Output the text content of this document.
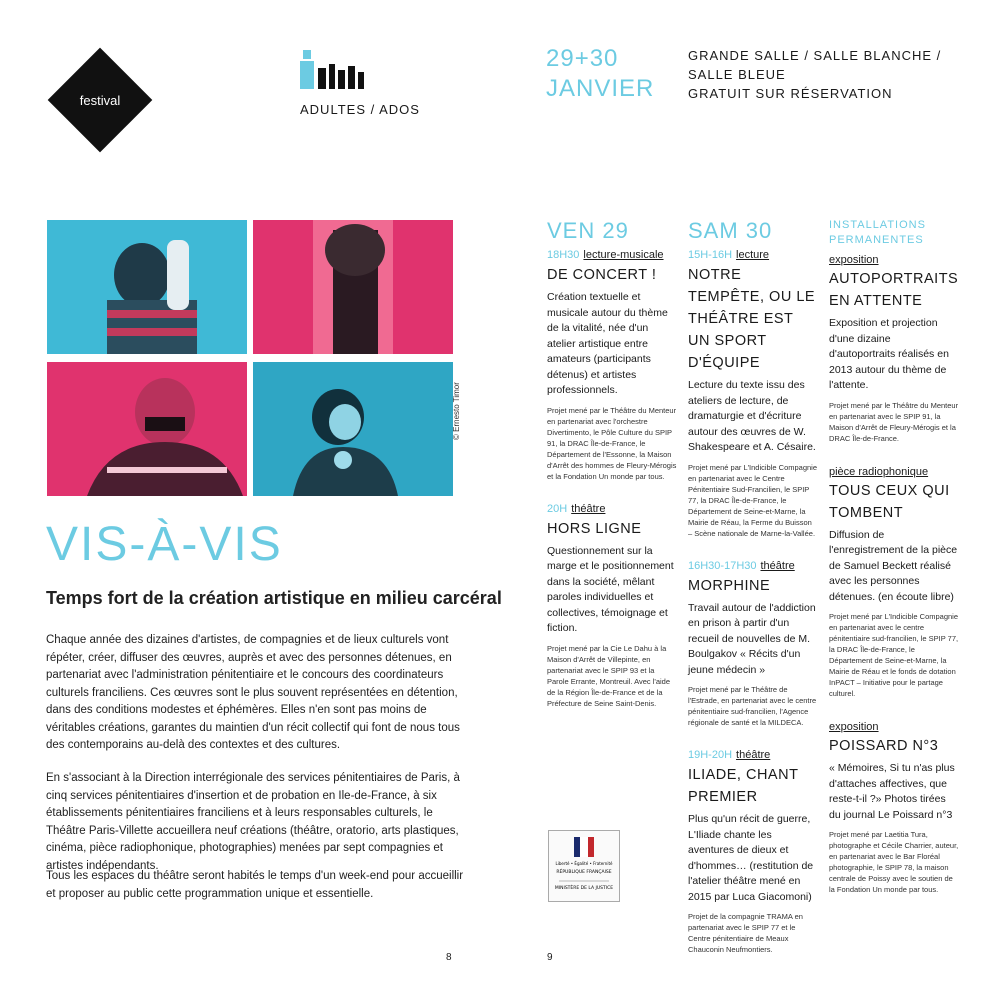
festival
ADULTES / ADOS
29+30
JANVIER
GRANDE SALLE / SALLE BLANCHE /
SALLE BLEUE
GRATUIT SUR RÉSERVATION
© Ernesto Timor
VIS-À-VIS
Temps fort de la création artistique en milieu carcéral

Chaque année des dizaines d'artistes, de compagnies et de lieux culturels vont répéter, créer, diffuser des œuvres, auprès et avec des personnes détenues, en partenariat avec l'administration pénitentiaire et le concours des coordinateurs culturels franciliens. Ces œuvres sont le plus souvent représentées en détention, dans des conditions modestes et éphémères. Elles n'en sont pas moins de véritables créations, garantes du maintien d'un récit collectif qui font de nous tous des contemporains au-delà des contextes et des cultures.

En s'associant à la Direction interrégionale des services pénitentiaires de Paris, à cinq services pénitentiaires d'insertion et de probation en Ile-de-France, à six établissements pénitentiaires franciliens et à leurs responsables culturels, le Théâtre Paris-Villette accueillera neuf créations (théâtre, oratorio, arts plastiques, cinéma, pièce radiophonique, photographies) menées par sept compagnies et artistes indépendants.

Tous les espaces du théâtre seront habités le temps d'un week-end pour accueillir et proposer au public cette programmation unique et essentielle.

VEN 29
18H30 lecture-musicale
DE CONCERT !
Création textuelle et musicale autour du thème de la vitalité, née d'un atelier artistique entre amateurs (participants détenus) et artistes professionnels.
Projet mené par le Théâtre du Menteur en partenariat avec l'orchestre Divertimento, le Pôle Culture du SPIP 91, la DRAC Île-de-France, le Département de l'Essonne, la Maison d'Arrêt des hommes de Fleury-Mérogis et la Fondation Un monde par tous.
20H théâtre
HORS LIGNE
Questionnement sur la marge et le positionnement dans la société, mêlant paroles individuelles et collectives, témoignage et fiction.
Projet mené par la Cie Le Dahu à la Maison d'Arrêt de Villepinte, en partenariat avec le SPIP 93 et la Parole Errante, Montreuil. Avec l'aide de la Région Île-de-France et de la Préfecture de Seine Saint-Denis.
Liberté • Égalité • Fraternité
RÉPUBLIQUE FRANÇAISE
MINISTÈRE DE LA JUSTICE
SAM 30
15H-16H lecture
NOTRE TEMPÊTE, OU LE THÉÂTRE EST UN SPORT D'ÉQUIPE
Lecture du texte issu des ateliers de lecture, de dramaturgie et d'écriture autour des œuvres de W. Shakespeare et A. Césaire.
Projet mené par L'Indicible Compagnie en partenariat avec le Centre Pénitentiaire Sud-Francilien, le SPIP 77, la DRAC Île-de-France, le Département de Seine-et-Marne, la Mairie de Réau, la Ferme du Buisson – Scène nationale de Marne-la-Vallée.
16H30-17H30 théâtre
MORPHINE
Travail autour de l'addiction en prison à partir d'un recueil de nouvelles de M. Boulgakov « Récits d'un jeune médecin »
Projet mené par le Théâtre de l'Estrade, en partenariat avec le centre pénitentiaire sud-francilien, l'Agence régionale de santé et la MILDECA.
19H-20H théâtre
ILIADE, CHANT PREMIER
Plus qu'un récit de guerre, L'Iliade chante les aventures de dieux et d'hommes… (restitution de l'atelier théâtre mené en 2015 par Luca Giacomoni)
Projet de la compagnie TRAMA en partenariat avec le SPIP 77 et le Centre pénitentiaire de Meaux Chauconin Neufmontiers.
INSTALLATIONS PERMANENTES
exposition
AUTOPORTRAITS EN ATTENTE
Exposition et projection d'une dizaine d'autoportraits réalisés en 2013 autour du thème de l'attente.
Projet mené par le Théâtre du Menteur en partenariat avec le SPIP 91, la Maison d'Arrêt de Fleury-Mérogis et la DRAC Île-de-France.
pièce radiophonique
TOUS CEUX QUI TOMBENT
Diffusion de l'enregistrement de la pièce de Samuel Beckett réalisé avec les personnes détenues. (en écoute libre)
Projet mené par L'Indicible Compagnie en partenariat avec le centre pénitentiaire sud-francilien, le SPIP 77, la DRAC Île-de-France, le Département de Seine-et-Marne, la Mairie de Réau et le fonds de dotation InPACT – Initiative pour le partage culturel.
exposition
POISSARD N°3
« Mémoires, Si tu n'as plus d'attaches affectives, que reste-t-il ?» Photos tirées du journal Le Poissard n°3
Projet mené par Laetitia Tura, photographe et Cécile Charrier, auteur, en partenariat avec le Bar Floréal photographie, le SPIP 78, la maison centrale de Poissy avec le soutien de la Fondation Un monde par tous.
8	9
